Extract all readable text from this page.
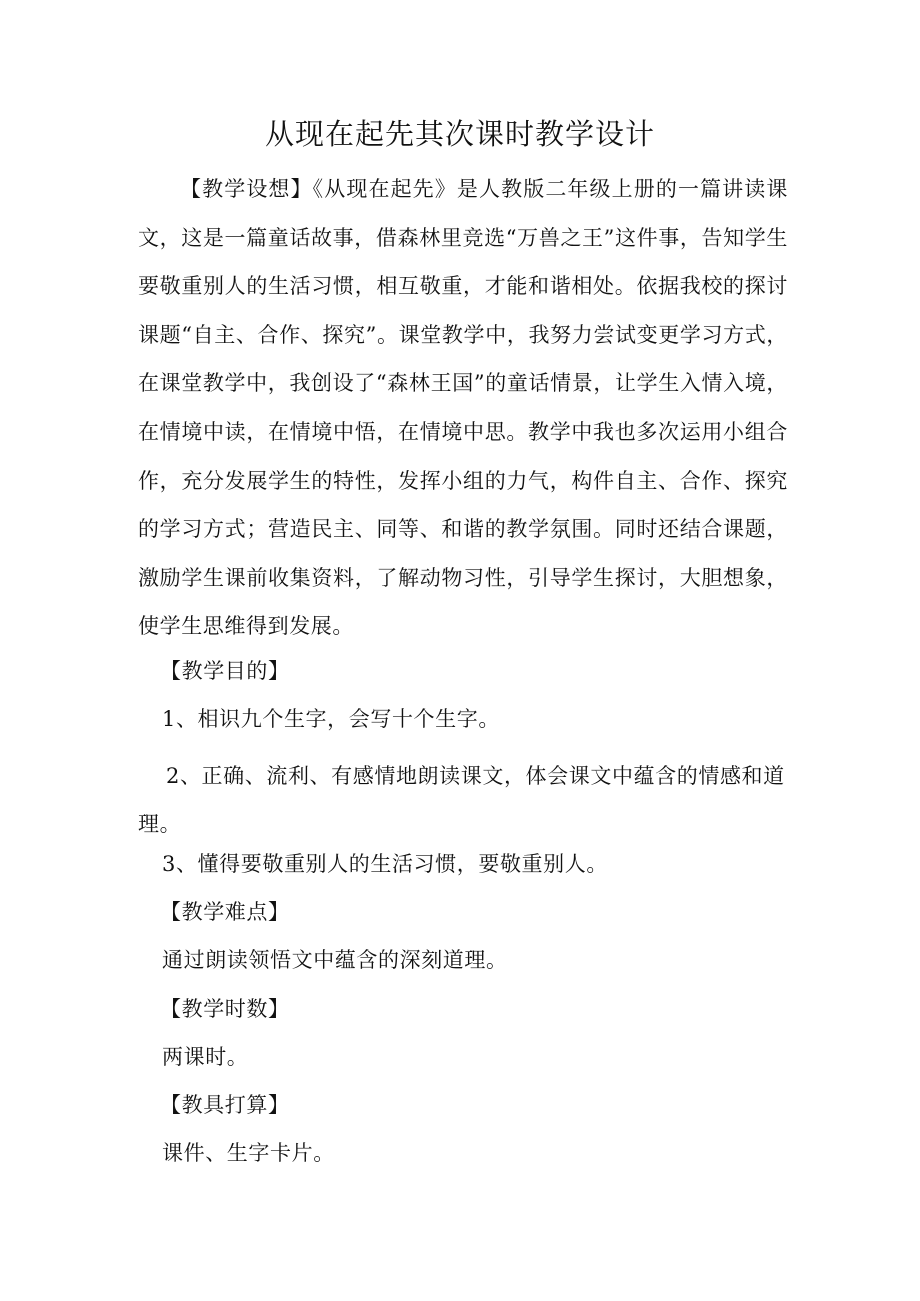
从现在起先其次课时教学设计

【教学设想】《从现在起先》是人教版二年级上册的一篇讲读课文，这是一篇童话故事，借森林里竞选“万兽之王”这件事，告知学生要敬重别人的生活习惯，相互敬重，才能和谐相处。依据我校的探讨课题“自主、合作、探究”。课堂教学中，我努力尝试变更学习方式，在课堂教学中，我创设了“森林王国”的童话情景，让学生入情入境，在情境中读，在情境中悟，在情境中思。教学中我也多次运用小组合作，充分发展学生的特性，发挥小组的力气，构件自主、合作、探究的学习方式；营造民主、同等、和谐的教学氛围。同时还结合课题，激励学生课前收集资料，了解动物习性，引导学生探讨，大胆想象，使学生思维得到发展。

【教学目的】

1、相识九个生字，会写十个生字。

2、正确、流利、有感情地朗读课文，体会课文中蕴含的情感和道理。

3、懂得要敬重别人的生活习惯，要敬重别人。

【教学难点】

通过朗读领悟文中蕴含的深刻道理。

【教学时数】

两课时。

【教具打算】

课件、生字卡片。
